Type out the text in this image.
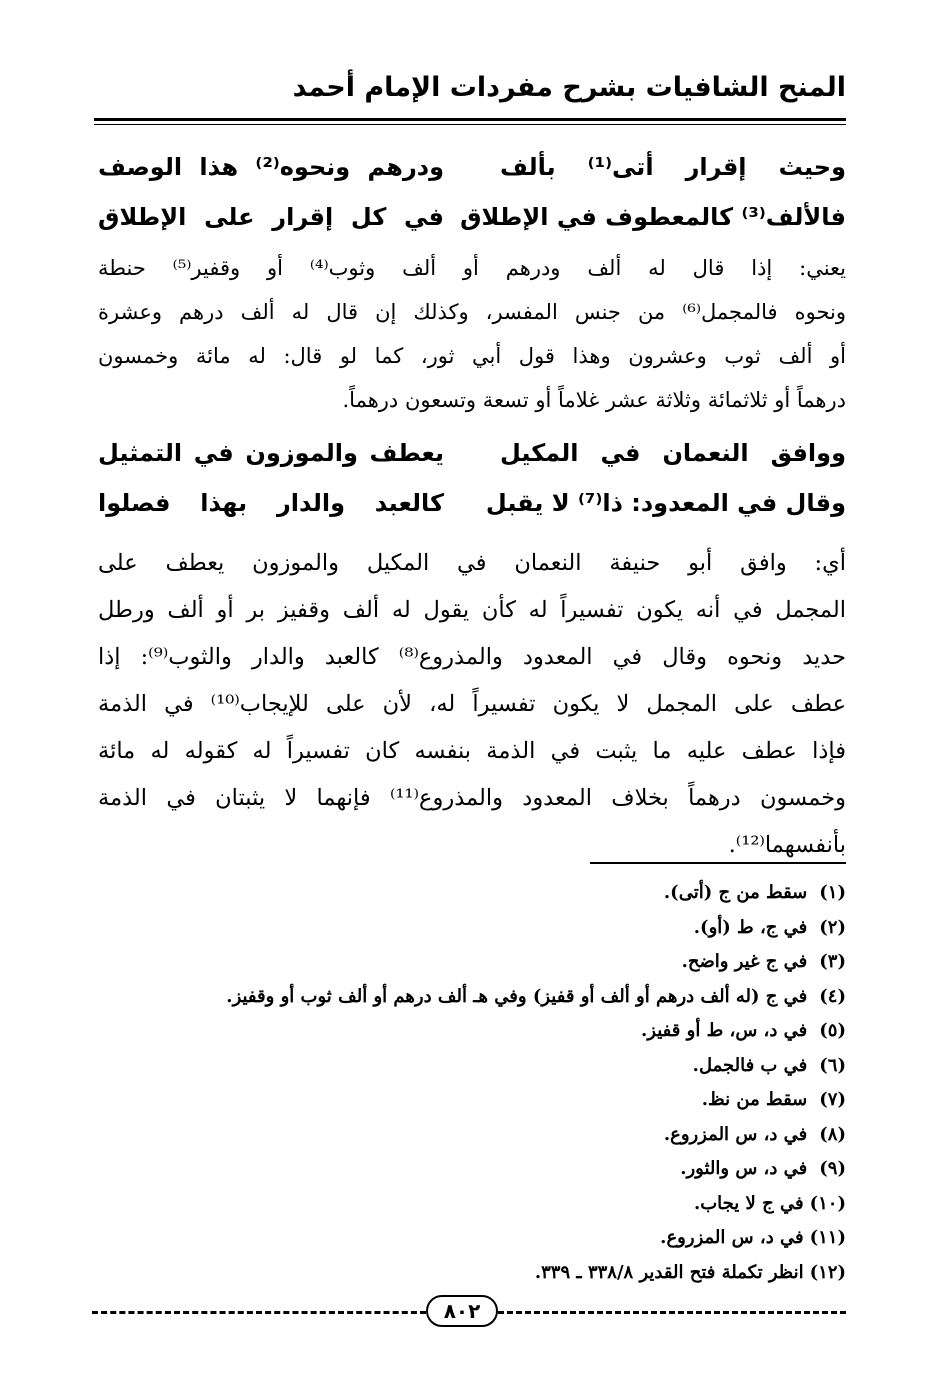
المنح الشافيات بشرح مفردات الإمام أحمد
وحيث إقرار أتى⁽¹⁾ بألف
ودرهم ونحوه⁽²⁾ هذا الوصف
فالألف⁽³⁾ كالمعطوف في الإطلاق
في كل إقرار على الإطلاق
يعني: إذا قال له ألف ودرهم أو ألف وثوب⁽⁴⁾ أو وقفير⁽⁵⁾ حنطة
ونحوه فالمجمل⁽⁶⁾ من جنس المفسر، وكذلك إن قال له ألف درهم وعشرة
أو ألف ثوب وعشرون وهذا قول أبي ثور، كما لو قال: له مائة وخمسون
درهماً أو ثلاثمائة وثلاثة عشر غلاماً أو تسعة وتسعون درهماً.
ووافق النعمان في المكيل
يعطف والموزون في التمثيل
وقال في المعدود: ذا⁽⁷⁾ لا يقبل
كالعبد والدار بهذا فصلوا
أي: وافق أبو حنيفة النعمان في المكيل والموزون يعطف على
المجمل في أنه يكون تفسيراً له كأن يقول له ألف وقفيز بر أو ألف ورطل
حديد ونحوه وقال في المعدود والمذروع⁽⁸⁾ كالعبد والدار والثوب⁽⁹⁾: إذا
عطف على المجمل لا يكون تفسيراً له، لأن على للإيجاب⁽¹⁰⁾ في الذمة
فإذا عطف عليه ما يثبت في الذمة بنفسه كان تفسيراً له كقوله له مائة
وخمسون درهماً بخلاف المعدود والمذروع⁽¹¹⁾ فإنهما لا يثبتان في الذمة
بأنفسهما⁽¹²⁾.
(١)سقط من ج (أتى).
(٢)في ج، ط (أو).
(٣)في ج غير واضح.
(٤)في ج (له ألف درهم أو ألف أو قفيز) وفي هـ ألف درهم أو ألف ثوب أو وقفيز.
(٥)في د، س، ط أو قفيز.
(٦)في ب فالجمل.
(٧)سقط من نظ.
(٨)في د، س المزروع.
(٩)في د، س والثور.
(١٠)في ج لا يجاب.
(١١)في د، س المزروع.
(١٢)انظر تكملة فتح القدير ٣٣٨/٨ ـ ٣٣٩.
٨٠٢
